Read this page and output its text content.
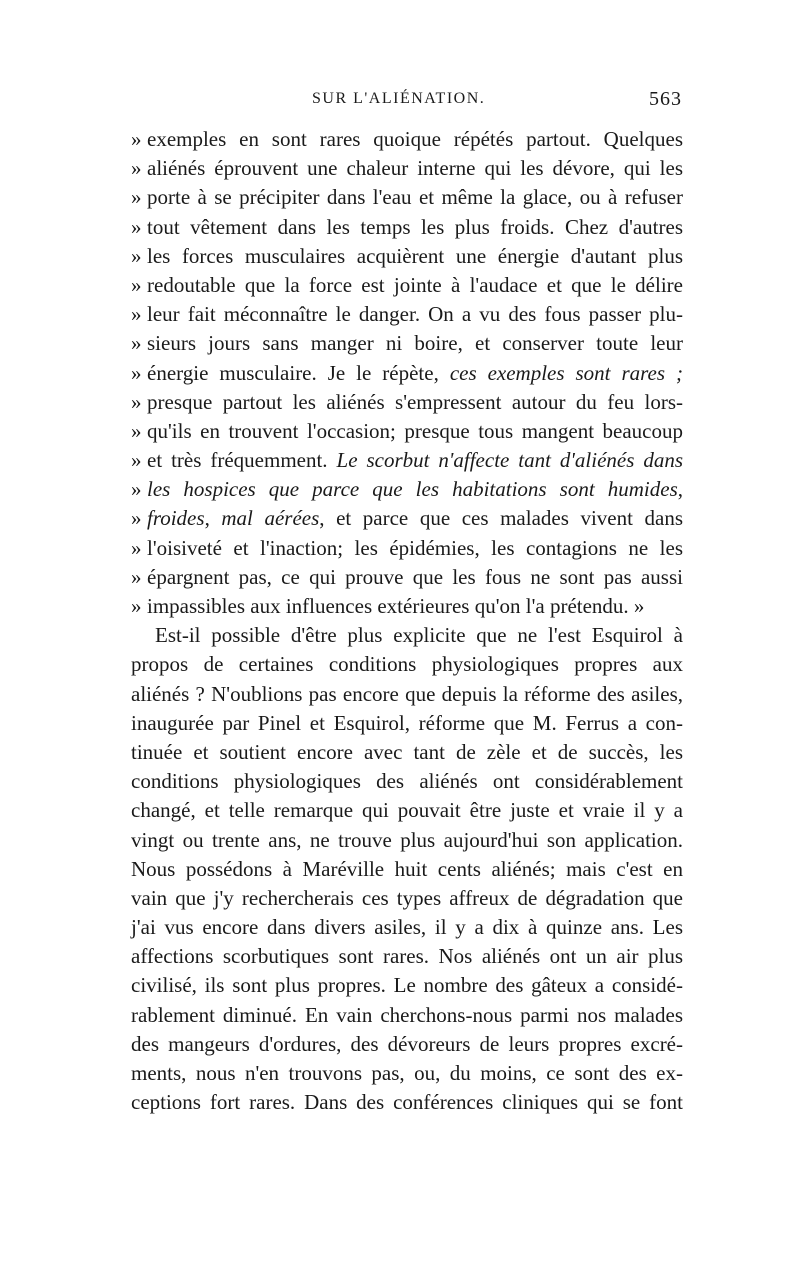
SUR L'ALIÉNATION.	563
» exemples en sont rares quoique répétés partout. Quelques
» aliénés éprouvent une chaleur interne qui les dévore, qui les
» porte à se précipiter dans l'eau et même la glace, ou à refuser
» tout vêtement dans les temps les plus froids. Chez d'autres
» les forces musculaires acquièrent une énergie d'autant plus
» redoutable que la force est jointe à l'audace et que le délire
» leur fait méconnaître le danger. On a vu des fous passer plu-
» sieurs jours sans manger ni boire, et conserver toute leur
» énergie musculaire. Je le répète, ces exemples sont rares ;
» presque partout les aliénés s'empressent autour du feu lors-
» qu'ils en trouvent l'occasion; presque tous mangent beaucoup
» et très fréquemment. Le scorbut n'affecte tant d'aliénés dans
» les hospices que parce que les habitations sont humides,
» froides, mal aérées, et parce que ces malades vivent dans
» l'oisiveté et l'inaction; les épidémies, les contagions ne les
» épargnent pas, ce qui prouve que les fous ne sont pas aussi
» impassibles aux influences extérieures qu'on l'a prétendu. »
Est-il possible d'être plus explicite que ne l'est Esquirol à
propos de certaines conditions physiologiques propres aux
aliénés ? N'oublions pas encore que depuis la réforme des asiles,
inaugurée par Pinel et Esquirol, réforme que M. Ferrus a con-
tinuée et soutient encore avec tant de zèle et de succès, les
conditions physiologiques des aliénés ont considérablement
changé, et telle remarque qui pouvait être juste et vraie il y a
vingt ou trente ans, ne trouve plus aujourd'hui son application.
Nous possédons à Maréville huit cents aliénés; mais c'est en
vain que j'y rechercherais ces types affreux de dégradation que
j'ai vus encore dans divers asiles, il y a dix à quinze ans. Les
affections scorbutiques sont rares. Nos aliénés ont un air plus
civilisé, ils sont plus propres. Le nombre des gâteux a considé-
rablement diminué. En vain cherchons-nous parmi nos malades
des mangeurs d'ordures, des dévoreurs de leurs propres excré-
ments, nous n'en trouvons pas, ou, du moins, ce sont des ex-
ceptions fort rares. Dans des conférences cliniques qui se font
